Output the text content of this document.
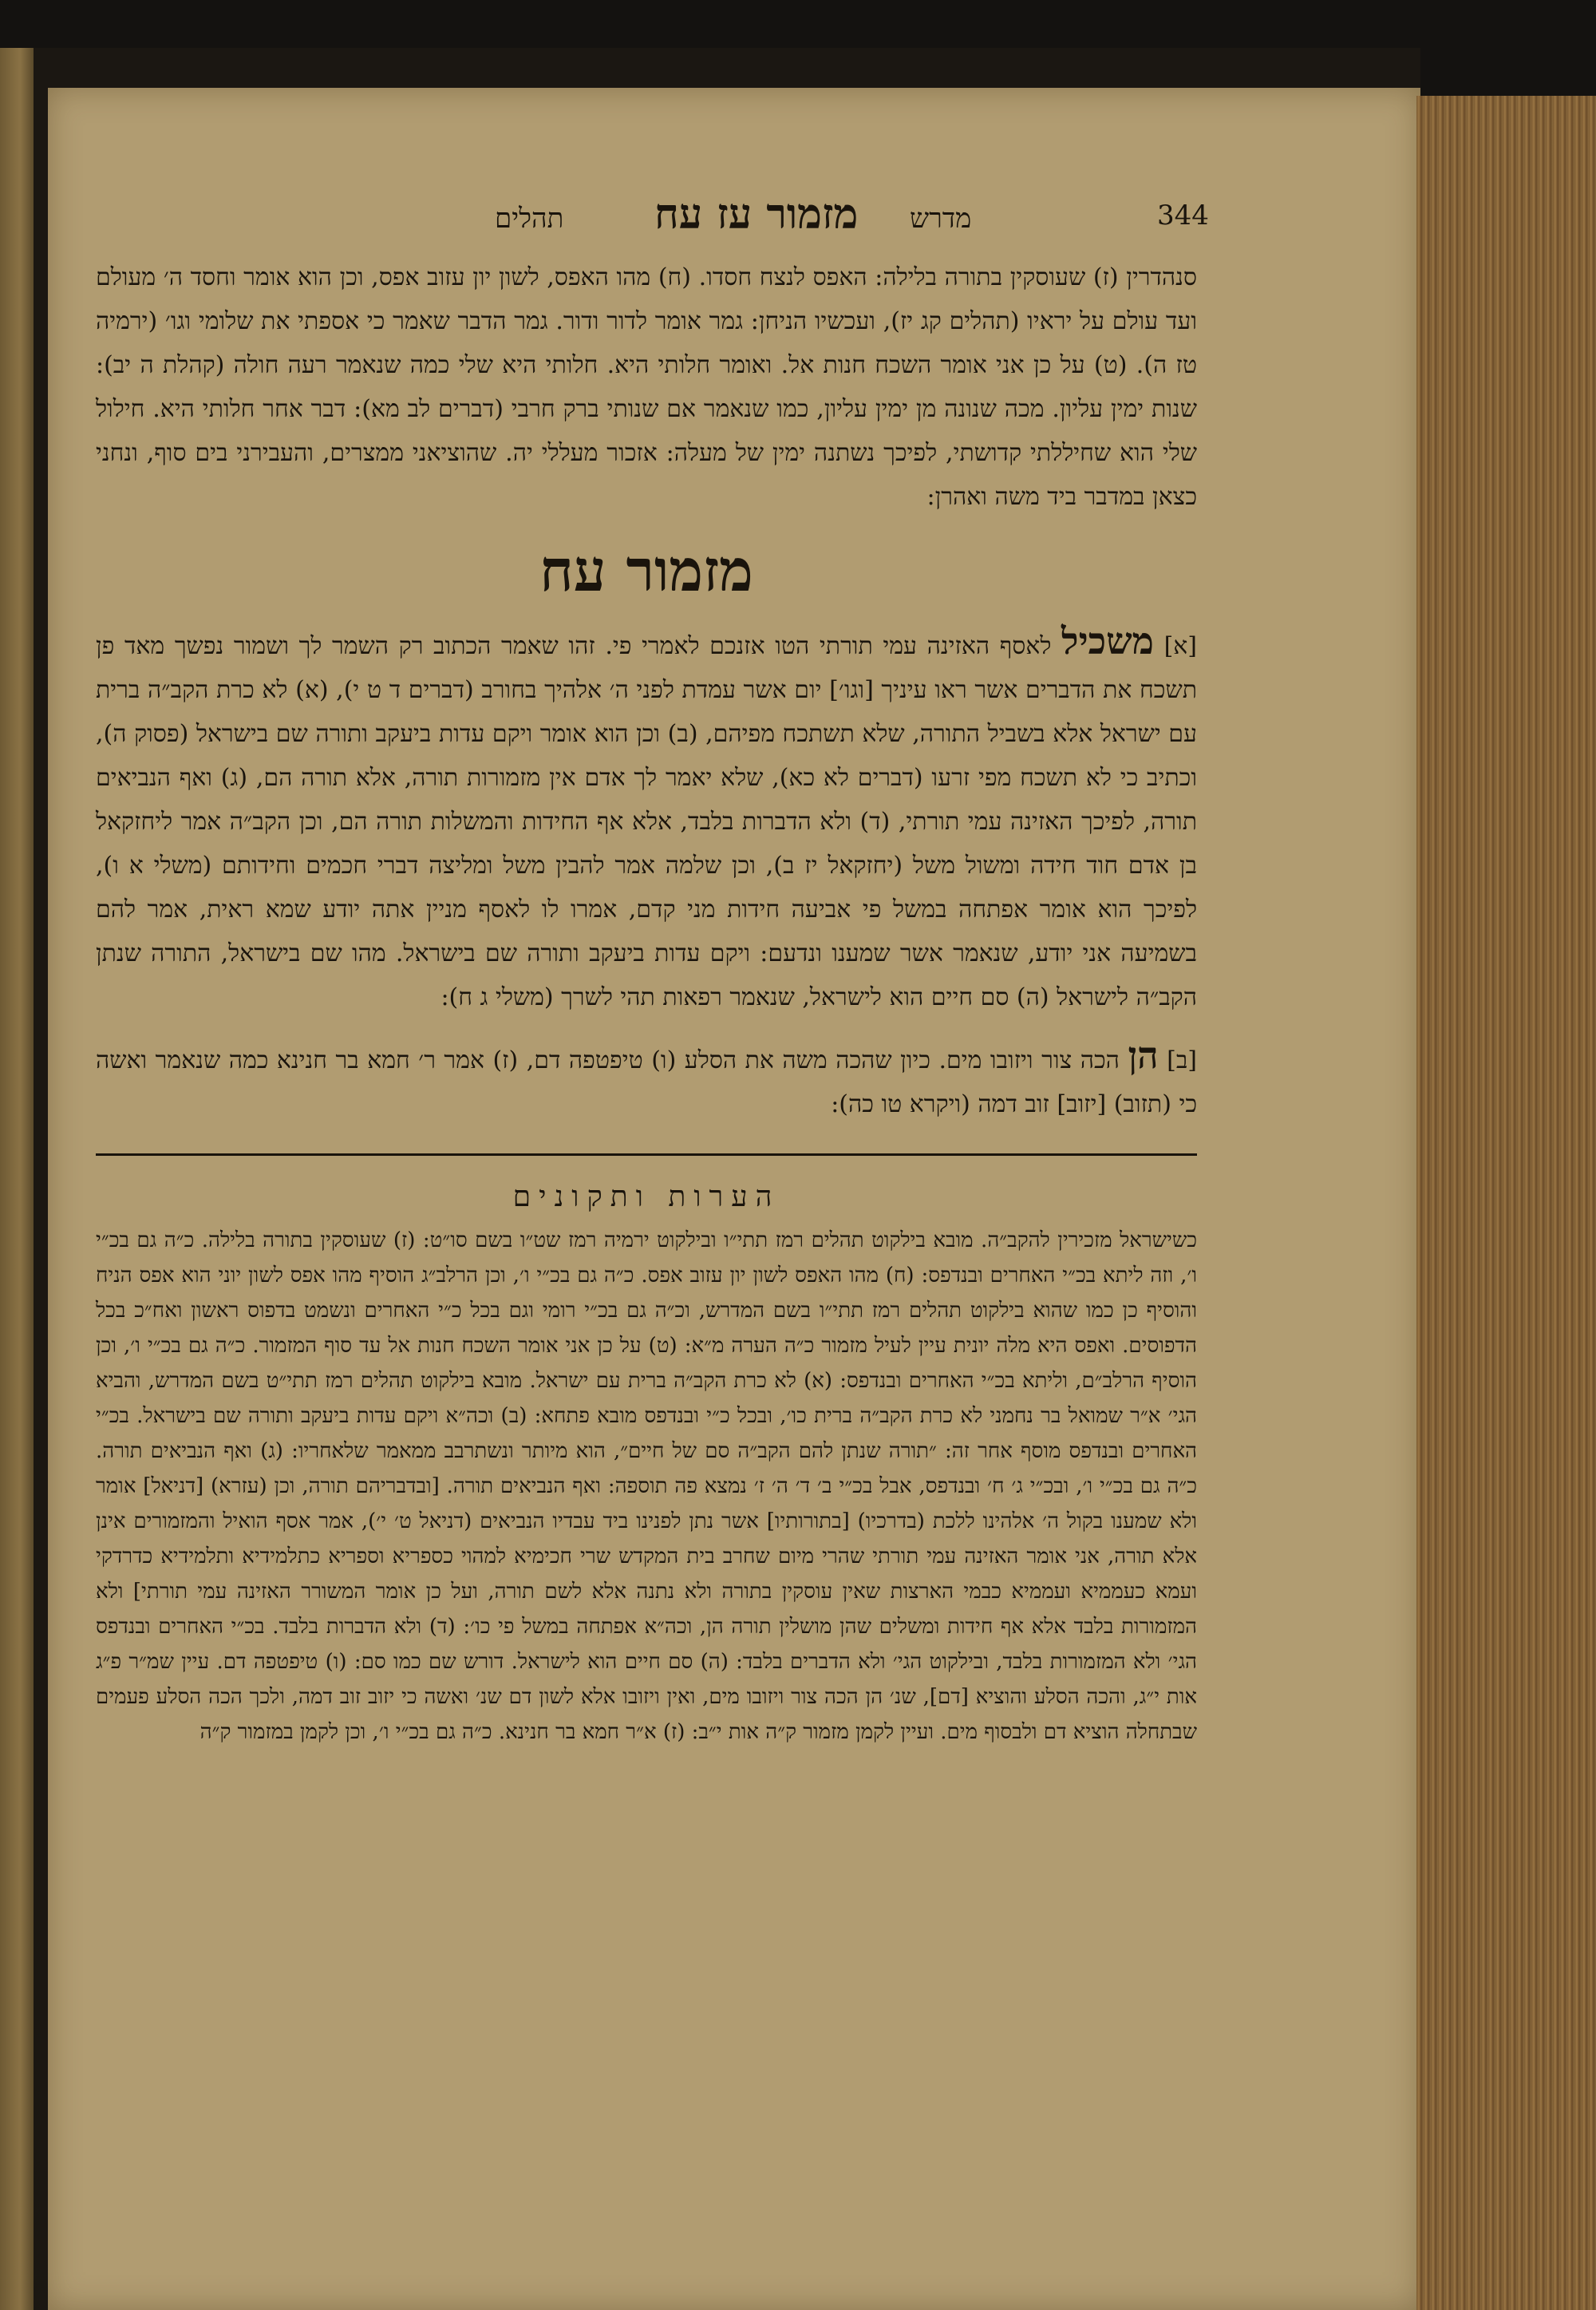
344
מדרש
מזמור עז עח
תהלים

סנהדרין (ז) שעוסקין בתורה בלילה: האפס לנצח חסדו. (ח) מהו האפס, לשון יון עזוב אפס, וכן הוא אומר וחסד ה׳ מעולם ועד עולם על יראיו (תהלים קג יז), ועכשיו הניחן: גמר אומר לדור ודור. גמר הדבר שאמר כי אספתי את שלומי וגו׳ (ירמיה טז ה). (ט) על כן אני אומר השכח חנות אל. ואומר חלותי היא. חלותי היא שלי כמה שנאמר רעה חולה (קהלת ה יב): שנות ימין עליון. מכה שנונה מן ימין עליון, כמו שנאמר אם שנותי ברק חרבי (דברים לב מא): דבר אחר חלותי היא. חילול שלי הוא שחיללתי קדושתי, לפיכך נשתנה ימין של מעלה: אזכור מעללי יה. שהוציאני ממצרים, והעבירני בים סוף, ונחני כצאן במדבר ביד משה ואהרן:

מזמור עח

[א] משכיל לאסף האזינה עמי תורתי הטו אזנכם לאמרי פי. זהו שאמר הכתוב רק השמר לך ושמור נפשך מאד פן תשכח את הדברים אשר ראו עיניך [וגו׳] יום אשר עמדת לפני ה׳ אלהיך בחורב (דברים ד ט י), (א) לא כרת הקב״ה ברית עם ישראל אלא בשביל התורה, שלא תשתכח מפיהם, (ב) וכן הוא אומר ויקם עדות ביעקב ותורה שם בישראל (פסוק ה), וכתיב כי לא תשכח מפי זרעו (דברים לא כא), שלא יאמר לך אדם אין מזמורות תורה, אלא תורה הם, (ג) ואף הנביאים תורה, לפיכך האזינה עמי תורתי, (ד) ולא הדברות בלבד, אלא אף החידות והמשלות תורה הם, וכן הקב״ה אמר ליחזקאל בן אדם חוד חידה ומשול משל (יחזקאל יז ב), וכן שלמה אמר להבין משל ומליצה דברי חכמים וחידותם (משלי א ו), לפיכך הוא אומר אפתחה במשל פי אביעה חידות מני קדם, אמרו לו לאסף מניין אתה יודע שמא ראית, אמר להם בשמיעה אני יודע, שנאמר אשר שמענו ונדעם: ויקם עדות ביעקב ותורה שם בישראל. מהו שם בישראל, התורה שנתן הקב״ה לישראל (ה) סם חיים הוא לישראל, שנאמר רפאות תהי לשרך (משלי ג ח):

[ב] הן הכה צור ויזובו מים. כיון שהכה משה את הסלע (ו) טיפטפה דם, (ז) אמר ר׳ חמא בר חנינא כמה שנאמר ואשה כי (תזוב) [יזוב] זוב דמה (ויקרא טו כה):

הערות ותקונים

כשישראל מזכירין להקב״ה. מובא בילקוט תהלים רמז תתי״ו ובילקוט ירמיה רמז שט״ו בשם סו״ט: (ז) שעוסקין בתורה בלילה. כ״ה גם בכ״י ו׳, וזה ליתא בכ״י האחרים ובנדפס: (ח) מהו האפס לשון יון עזוב אפס. כ״ה גם בכ״י ו׳, וכן הרלב״ג הוסיף מהו אפס לשון יוני הוא אפס הניח והוסיף כן כמו שהוא בילקוט תהלים רמז תתי״ו בשם המדרש, וכ״ה גם בכ״י רומי וגם בכל כ״י האחרים ונשמט בדפוס ראשון ואח״כ בכל הדפוסים. ואפס היא מלה יונית עיין לעיל מזמור כ״ה הערה מ״א: (ט) על כן אני אומר השכח חנות אל עד סוף המזמור. כ״ה גם בכ״י ו׳, וכן הוסיף הרלב״ם, וליתא בכ״י האחרים ובנדפס: (א) לא כרת הקב״ה ברית עם ישראל. מובא בילקוט תהלים רמז תתי״ט בשם המדרש, והביא הגי׳ א״ר שמואל בר נחמני לא כרת הקב״ה ברית כו׳, ובכל כ״י ובנדפס מובא פתחא: (ב) וכה״א ויקם עדות ביעקב ותורה שם בישראל. בכ״י האחרים ובנדפס מוסף אחר זה: ״תורה שנתן להם הקב״ה סם של חיים״, הוא מיותר ונשתרבב ממאמר שלאחריו: (ג) ואף הנביאים תורה. כ״ה גם בכ״י ו׳, ובכ״י ג׳ ח׳ ובנדפס, אבל בכ״י ב׳ ד׳ ה׳ ז׳ נמצא פה תוספה: ואף הנביאים תורה. [ובדבריהם תורה, וכן (עזרא) [דניאל] אומר ולא שמענו בקול ה׳ אלהינו ללכת (בדרכיו) [בתורותיו] אשר נתן לפנינו ביד עבדיו הנביאים (דניאל ט׳ י׳), אמר אסף הואיל והמזמורים אינן אלא תורה, אני אומר האזינה עמי תורתי שהרי מיום שחרב בית המקדש שרי חכימיא למהוי כספריא וספריא כתלמידיא ותלמידיא כדרדקי ועמא כעממיא ועממיא כבמי הארצות שאין עוסקין בתורה ולא נתנה אלא לשם תורה, ועל כן אומר המשורר האזינה עמי תורתי] ולא המזמורות בלבד אלא אף חידות ומשלים שהן מושלין תורה הן, וכה״א אפתחה במשל פי כו׳: (ד) ולא הדברות בלבד. בכ״י האחרים ובנדפס הגי׳ ולא המזמורות בלבד, ובילקוט הגי׳ ולא הדברים בלבד: (ה) סם חיים הוא לישראל. דורש שם כמו סם: (ו) טיפטפה דם. עיין שמ״ר פ״ג אות י״ג, והכה הסלע והוציא [דם], שנ׳ הן הכה צור ויזובו מים, ואין ויזובו אלא לשון דם שנ׳ ואשה כי יזוב זוב דמה, ולכך הכה הסלע פעמים שבתחלה הוציא דם ולבסוף מים. ועיין לקמן מזמור ק״ה אות י״ב: (ז) א״ר חמא בר חנינא. כ״ה גם בכ״י ו׳, וכן לקמן במזמור ק״ה
